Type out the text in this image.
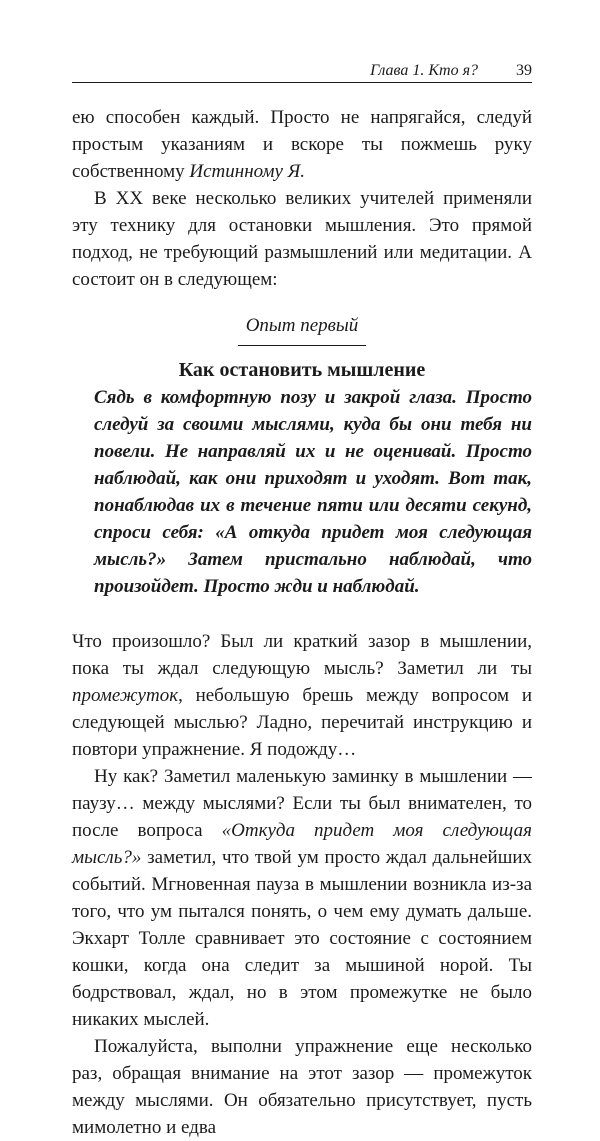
Глава 1. Кто я? 39

ею способен каждый. Просто не напрягайся, следуй простым указаниям и вскоре ты пожмешь руку собственному Истинному Я.

В XX веке несколько великих учителей применяли эту технику для остановки мышления. Это прямой подход, не требующий размышлений или медитации. А состоит он в следующем:

Опыт первый
Как остановить мышление

Сядь в комфортную позу и закрой глаза. Просто следуй за своими мыслями, куда бы они тебя ни повели. Не направляй их и не оценивай. Просто наблюдай, как они приходят и уходят. Вот так, понаблюдав их в течение пяти или десяти секунд, спроси себя: «А откуда придет моя следующая мысль?» Затем пристально наблюдай, что произойдет. Просто жди и наблюдай.

Что произошло? Был ли краткий зазор в мышлении, пока ты ждал следующую мысль? Заметил ли ты промежуток, небольшую брешь между вопросом и следующей мыслью? Ладно, перечитай инструкцию и повтори упражнение. Я подожду…

Ну как? Заметил маленькую заминку в мышлении — паузу… между мыслями? Если ты был внимателен, то после вопроса «Откуда придет моя следующая мысль?» заметил, что твой ум просто ждал дальнейших событий. Мгновенная пауза в мышлении возникла из-за того, что ум пытался понять, о чем ему думать дальше. Экхарт Толле сравнивает это состояние с состоянием кошки, когда она следит за мышиной норой. Ты бодрствовал, ждал, но в этом промежутке не было никаких мыслей.

Пожалуйста, выполни упражнение еще несколько раз, обращая внимание на этот зазор — промежуток между мыслями. Он обязательно присутствует, пусть мимолетно и едва
